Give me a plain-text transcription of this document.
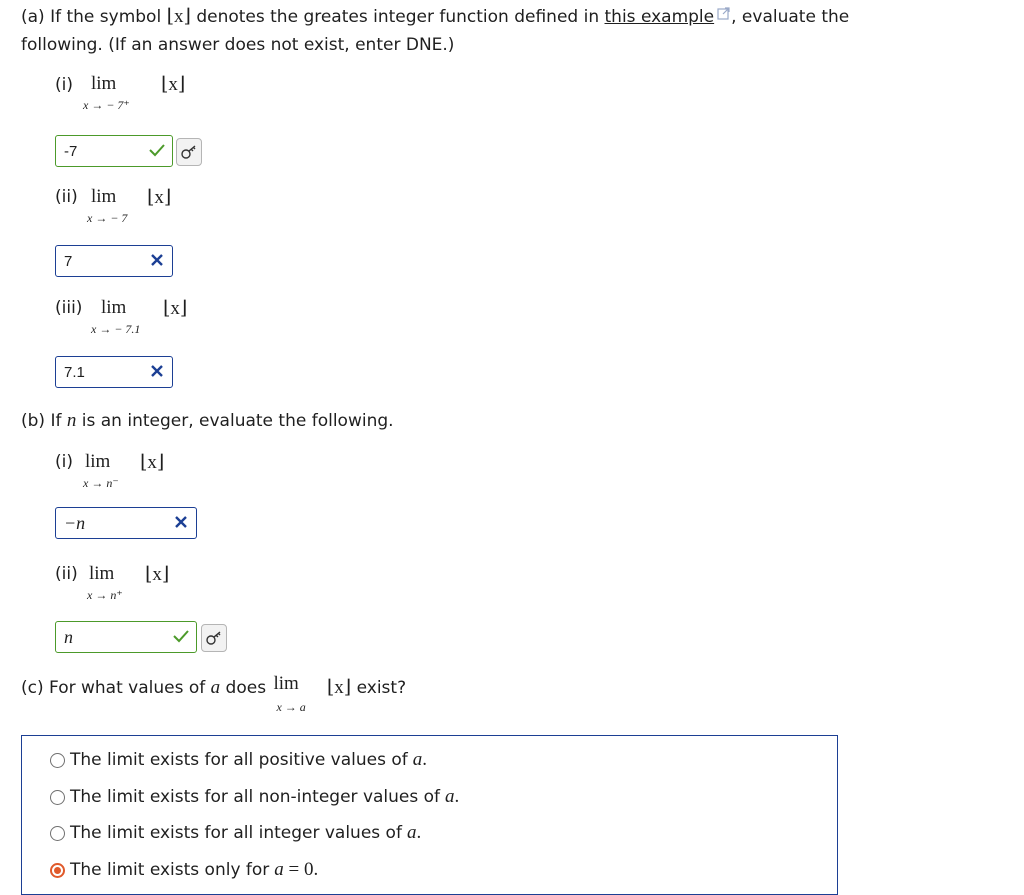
(a) If the symbol ⌊x⌋ denotes the greates integer function defined in this example , evaluate the
following. (If an answer does not exist, enter DNE.)
(i) lim
x → − 7⁺
⌊x⌋
-7
(ii) lim
x → − 7
⌊x⌋
7
(iii) lim
x → − 7.1
⌊x⌋
7.1
(b) If n is an integer, evaluate the following.
(i) lim
x → n⁻
⌊x⌋
−n
(ii) lim
x → n⁺
⌊x⌋
n
(c) For what values of a does lim
x → a
⌊x⌋ exist?
The limit exists for all positive values of a .
The limit exists for all non-integer values of a .
The limit exists for all integer values of a .
The limit exists only for a = 0.
